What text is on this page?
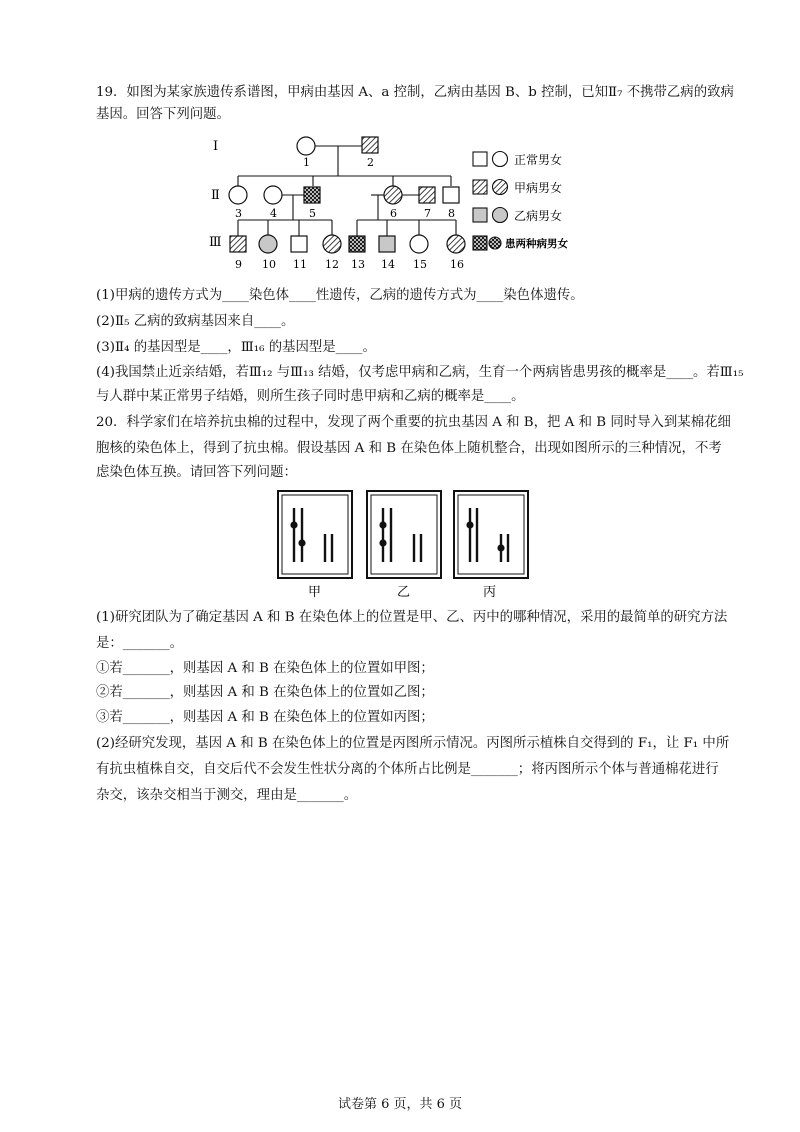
19．如图为某家族遗传系谱图，甲病由基因 A、a 控制，乙病由基因 B、b 控制，已知Ⅱ₇ 不携带乙病的致病
基因。回答下列问题。
Ⅰ
Ⅱ
Ⅲ
1	2
3	4	5	6 7 8
9 10 11 12 13 14 15 16
正常男女
甲病男女
乙病男女
患两种病男女
(1)甲病的遗传方式为____染色体____性遗传，乙病的遗传方式为____染色体遗传。
(2)Ⅱ₅ 乙病的致病基因来自____。
(3)Ⅱ₄ 的基因型是____，Ⅲ₁₆ 的基因型是____。
(4)我国禁止近亲结婚，若Ⅲ₁₂ 与Ⅲ₁₃ 结婚，仅考虑甲病和乙病，生育一个两病皆患男孩的概率是____。若Ⅲ₁₅
与人群中某正常男子结婚，则所生孩子同时患甲病和乙病的概率是____。
20．科学家们在培养抗虫棉的过程中，发现了两个重要的抗虫基因 A 和 B，把 A 和 B 同时导入到某棉花细
胞核的染色体上，得到了抗虫棉。假设基因 A 和 B 在染色体上随机整合，出现如图所示的三种情况，不考
虑染色体互换。请回答下列问题：
甲	乙	丙
(1)研究团队为了确定基因 A 和 B 在染色体上的位置是甲、乙、丙中的哪种情况，采用的最简单的研究方法
是：_______。
①若_______，则基因 A 和 B 在染色体上的位置如甲图；
②若_______，则基因 A 和 B 在染色体上的位置如乙图；
③若_______，则基因 A 和 B 在染色体上的位置如丙图；
(2)经研究发现，基因 A 和 B 在染色体上的位置是丙图所示情况。丙图所示植株自交得到的 F₁，让 F₁ 中所
有抗虫植株自交，自交后代不会发生性状分离的个体所占比例是_______；将丙图所示个体与普通棉花进行
杂交，该杂交相当于测交，理由是_______。
试卷第 6 页，共 6 页
